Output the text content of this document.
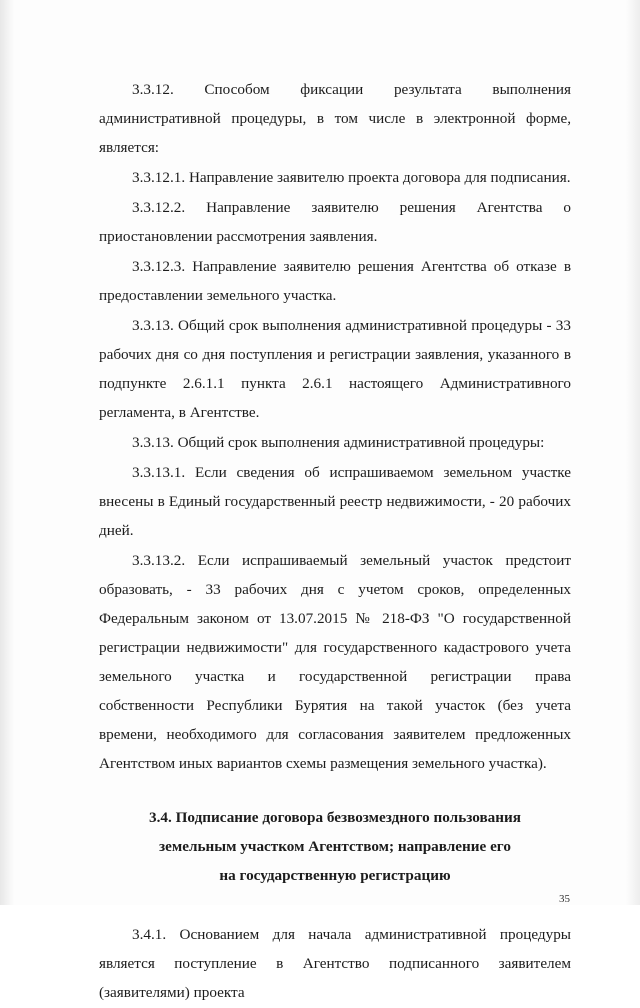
3.3.12. Способом фиксации результата выполнения административной процедуры, в том числе в электронной форме, является:

3.3.12.1. Направление заявителю проекта договора для подписания.

3.3.12.2. Направление заявителю решения Агентства о приостановлении рассмотрения заявления.

3.3.12.3. Направление заявителю решения Агентства об отказе в предоставлении земельного участка.

3.3.13. Общий срок выполнения административной процедуры - 33 рабочих дня со дня поступления и регистрации заявления, указанного в подпункте 2.6.1.1 пункта 2.6.1 настоящего Административного регламента, в Агентстве.

3.3.13. Общий срок выполнения административной процедуры:

3.3.13.1. Если сведения об испрашиваемом земельном участке внесены в Единый государственный реестр недвижимости, - 20 рабочих дней.

3.3.13.2. Если испрашиваемый земельный участок предстоит образовать, - 33 рабочих дня с учетом сроков, определенных Федеральным законом от 13.07.2015 № 218-ФЗ "О государственной регистрации недвижимости" для государственного кадастрового учета земельного участка и государственной регистрации права собственности Республики Бурятия на такой участок (без учета времени, необходимого для согласования заявителем предложенных Агентством иных вариантов схемы размещения земельного участка).

3.4. Подписание договора безвозмездного пользования

земельным участком Агентством; направление его

на государственную регистрацию

3.4.1. Основанием для начала административной процедуры является поступление в Агентство подписанного заявителем (заявителями) проекта

35
